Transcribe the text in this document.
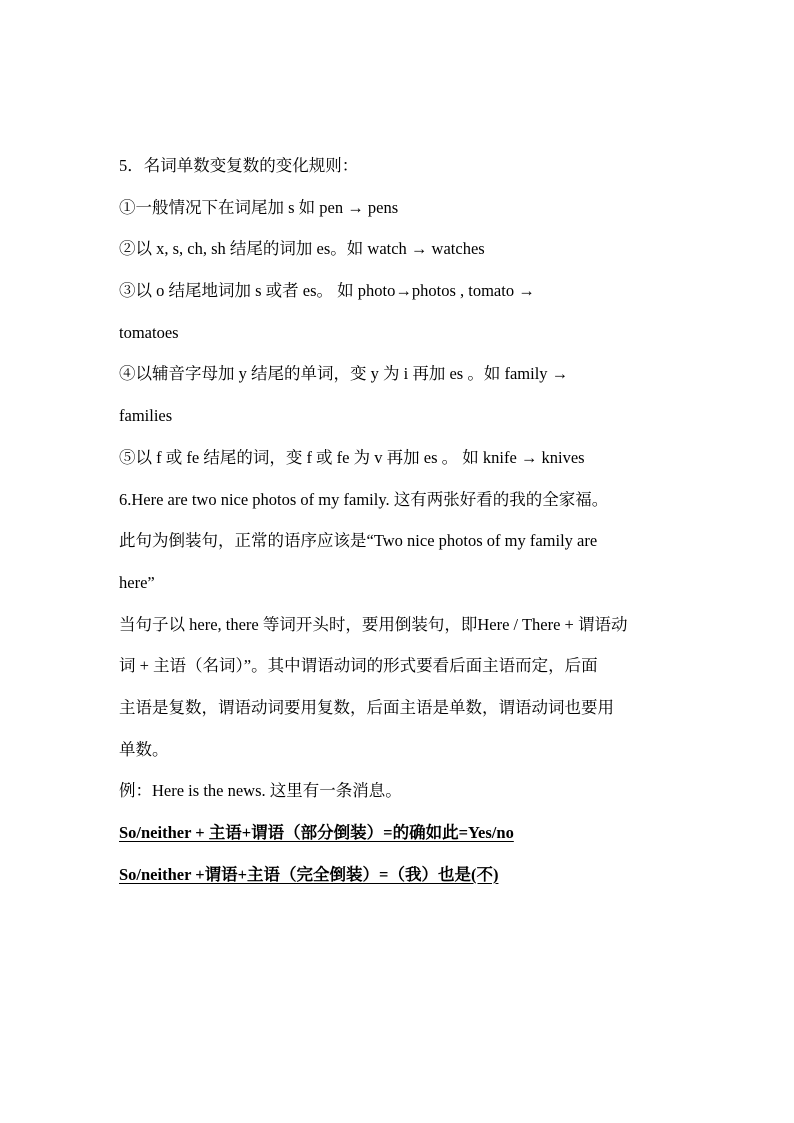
5．名词单数变复数的变化规则：
①一般情况下在词尾加 s 如 pen → pens
②以 x, s, ch, sh 结尾的词加 es。如 watch → watches
③以 o 结尾地词加 s 或者 es。 如 photo→photos , tomato →
tomatoes
④以辅音字母加 y 结尾的单词，变 y 为 i 再加 es 。如 family →
families
⑤以 f 或 fe 结尾的词，变 f 或 fe 为 v 再加 es 。 如 knife → knives
6.Here are two nice photos of my family. 这有两张好看的我的全家福。
此句为倒装句，正常的语序应该是“Two nice photos of my family are
here”
当句子以 here, there 等词开头时，要用倒装句，即Here / There + 谓语动
词 + 主语（名词）”。其中谓语动词的形式要看后面主语而定，后面
主语是复数，谓语动词要用复数，后面主语是单数，谓语动词也要用
单数。
例：Here is the news. 这里有一条消息。
So/neither + 主语+谓语（部分倒装）=的确如此=Yes/no
So/neither +谓语+主语（完全倒装）=（我）也是(不)
